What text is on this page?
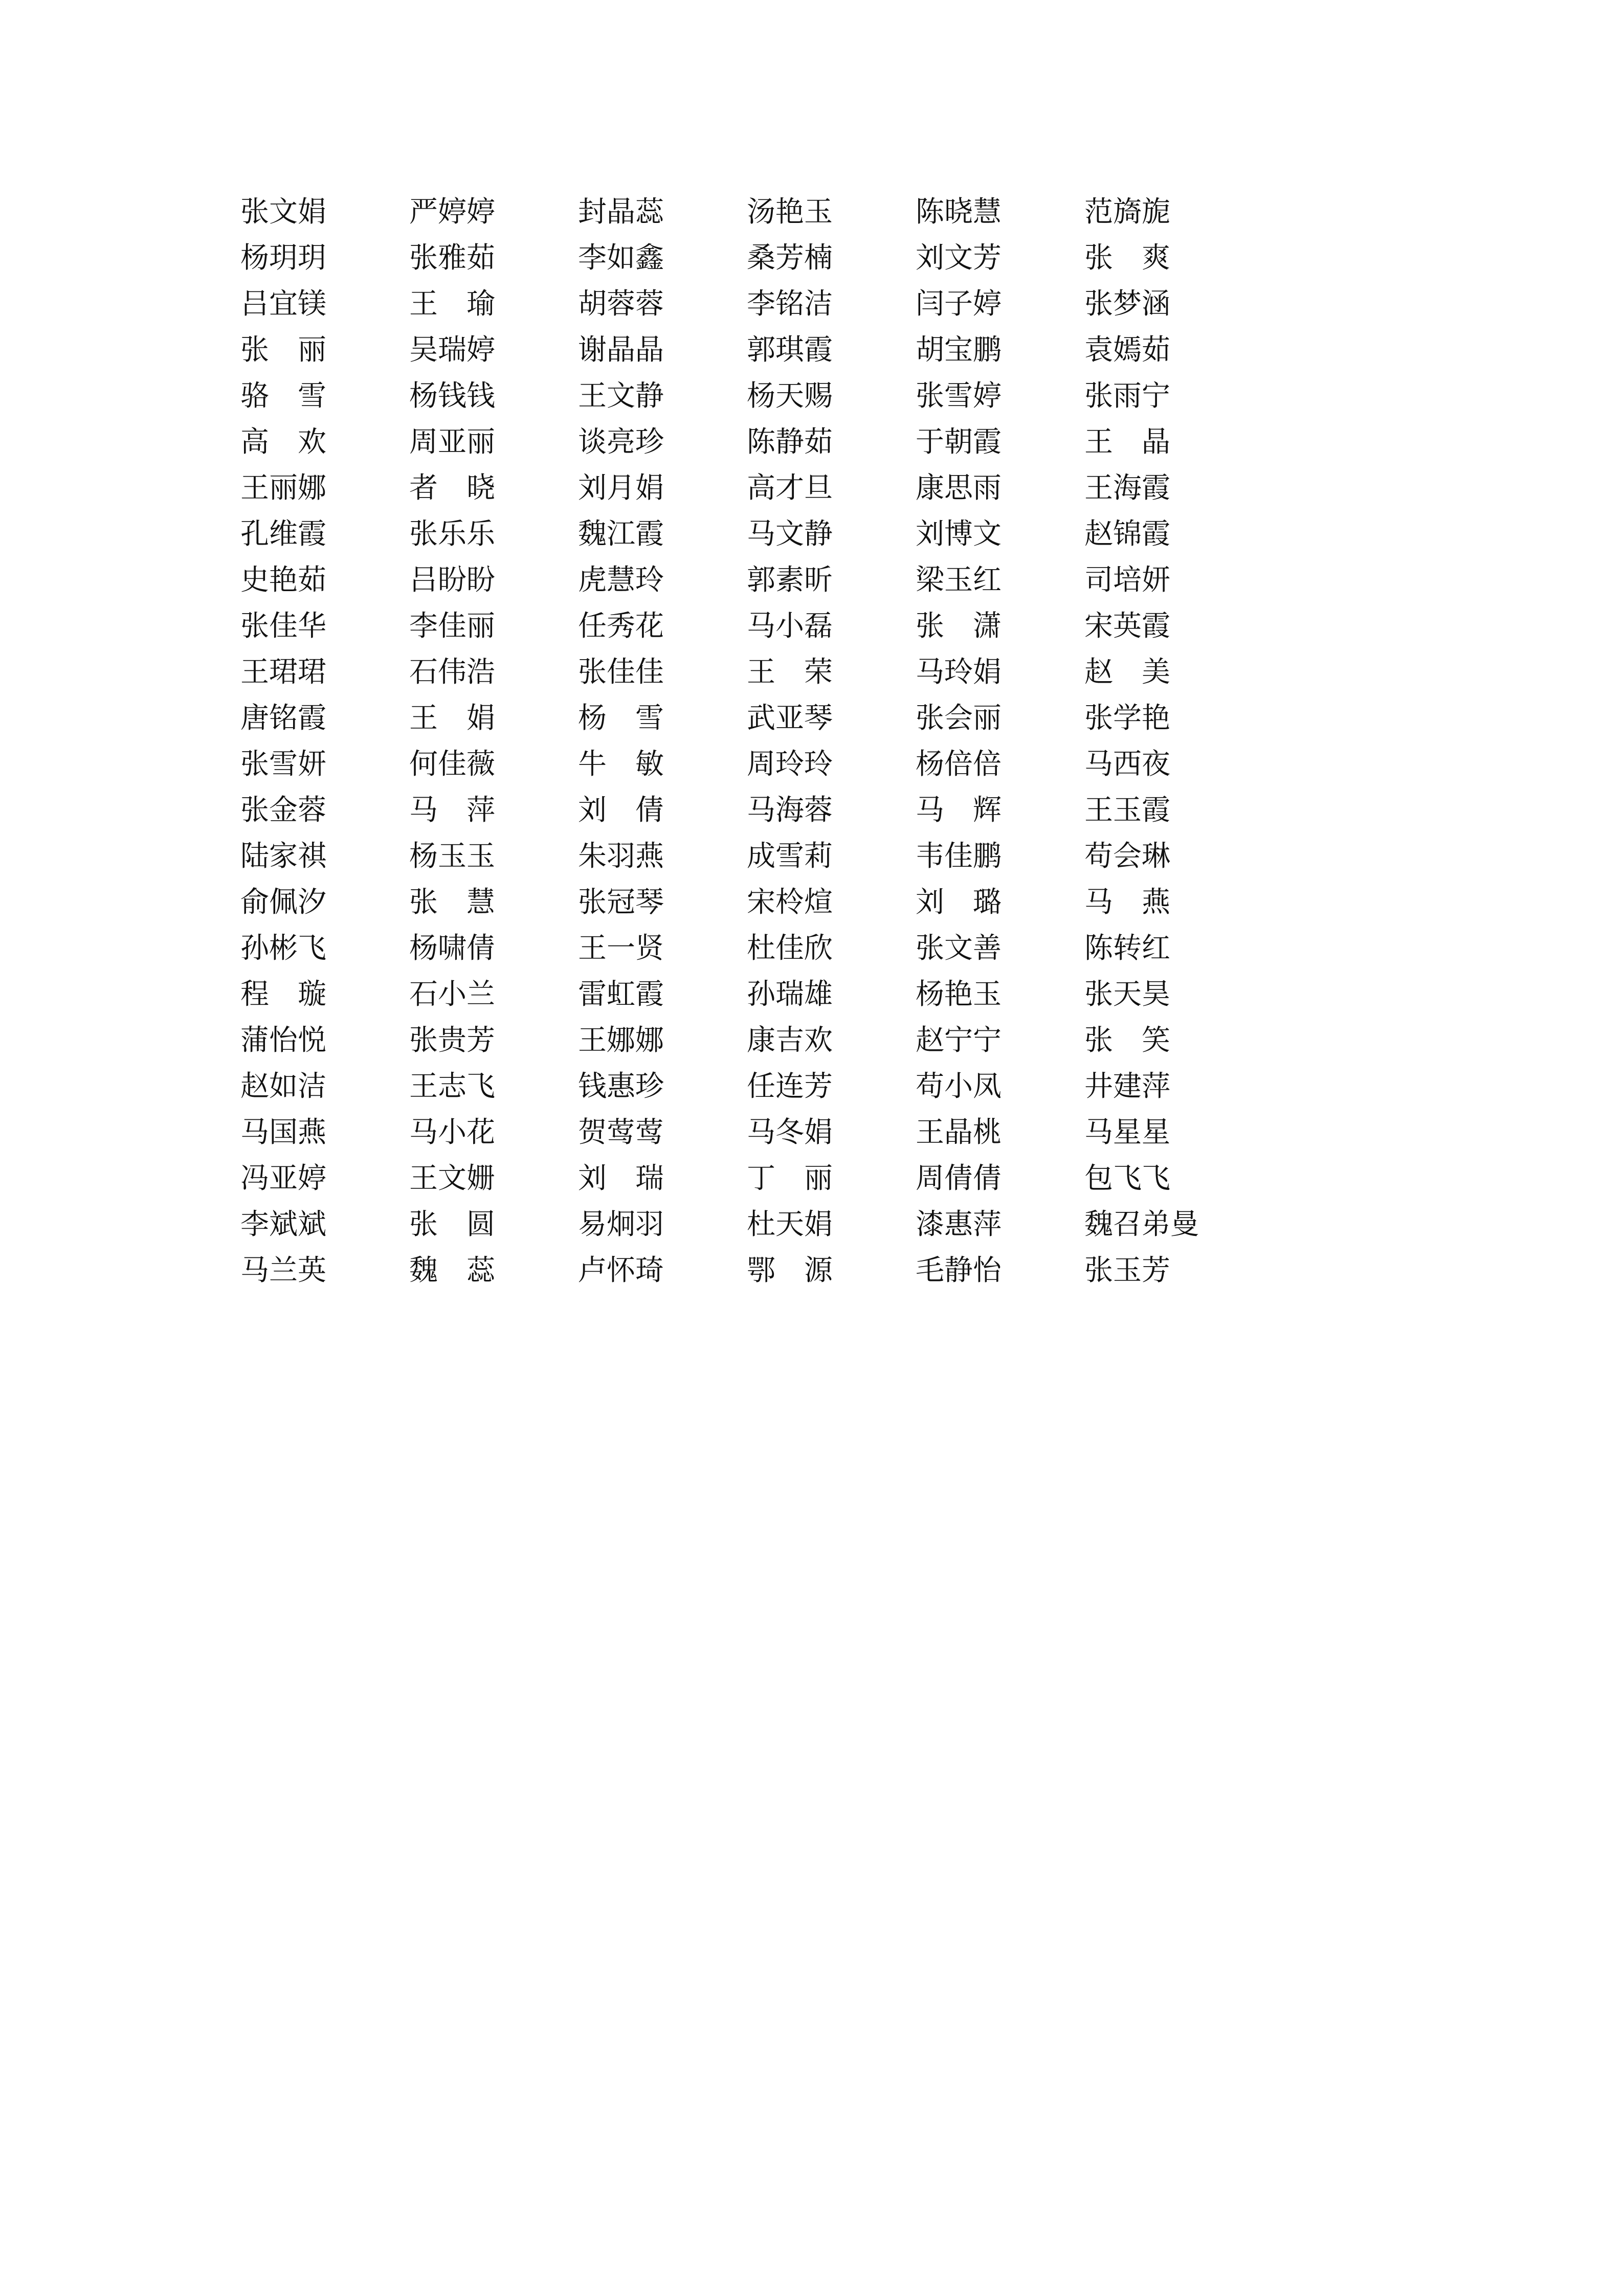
张文娟	严婷婷	封晶蕊	汤艳玉	陈晓慧	范旖旎
杨玥玥	张雅茹	李如鑫	桑芳楠	刘文芳	张　爽
吕宜镁	王　瑜	胡蓉蓉	李铭洁	闫子婷	张梦涵
张　丽	吴瑞婷	谢晶晶	郭琪霞	胡宝鹏	袁嫣茹
骆　雪	杨钱钱	王文静	杨天赐	张雪婷	张雨宁
高　欢	周亚丽	谈亮珍	陈静茹	于朝霞	王　晶
王丽娜	者　晓	刘月娟	高才旦	康思雨	王海霞
孔维霞	张乐乐	魏江霞	马文静	刘博文	赵锦霞
史艳茹	吕盼盼	虎慧玲	郭素昕	梁玉红	司培妍
张佳华	李佳丽	任秀花	马小磊	张　潇	宋英霞
王珺珺	石伟浩	张佳佳	王　荣	马玲娟	赵　美
唐铭霞	王　娟	杨　雪	武亚琴	张会丽	张学艳
张雪妍	何佳薇	牛　敏	周玲玲	杨倍倍	马西夜
张金蓉	马　萍	刘　倩	马海蓉	马　辉	王玉霞
陆家祺	杨玉玉	朱羽燕	成雪莉	韦佳鹏	苟会琳
俞佩汐	张　慧	张冠琴	宋柃煊	刘　璐	马　燕
孙彬飞	杨啸倩	王一贤	杜佳欣	张文善	陈转红
程　璇	石小兰	雷虹霞	孙瑞雄	杨艳玉	张天昊
蒲怡悦	张贵芳	王娜娜	康吉欢	赵宁宁	张　笑
赵如洁	王志飞	钱惠珍	任连芳	苟小凤	井建萍
马国燕	马小花	贺莺莺	马冬娟	王晶桃	马星星
冯亚婷	王文姗	刘　瑞	丁　丽	周倩倩	包飞飞
李斌斌	张　圆	易炯羽	杜天娟	漆惠萍	魏召弟曼
马兰英	魏　蕊	卢怀琦	鄂　源	毛静怡	张玉芳
